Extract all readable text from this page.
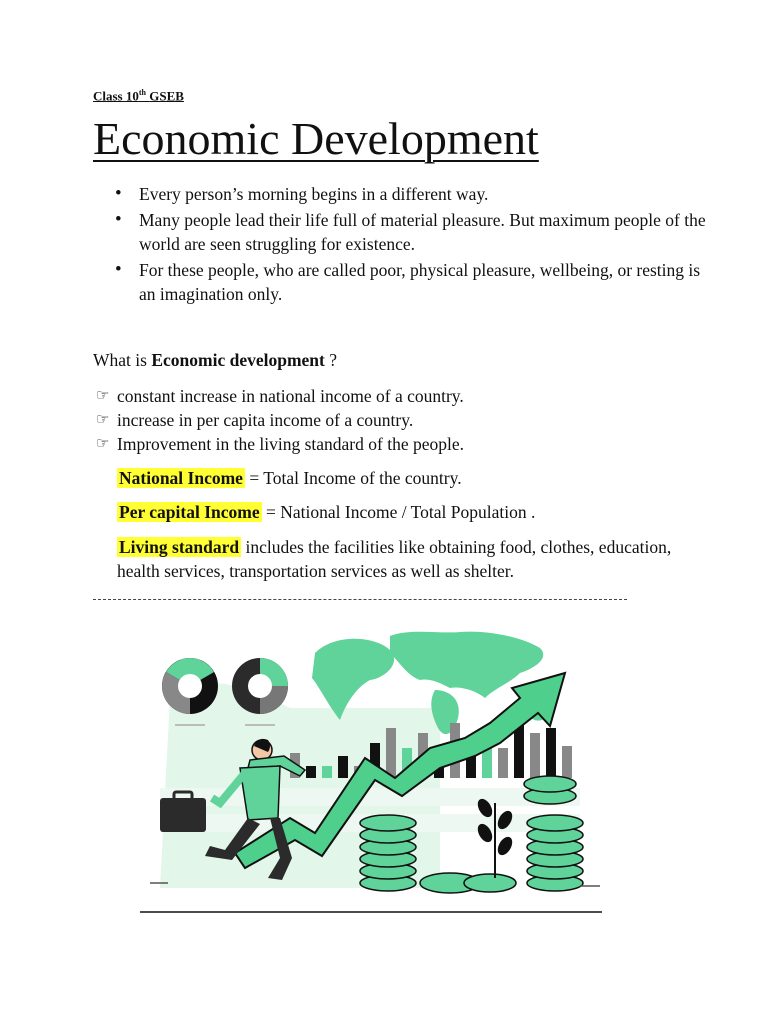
Class 10th GSEB
Economic Development
• Every person’s morning begins in a different way.
• Many people lead their life full of material pleasure. But maximum people of the world are seen struggling for existence.
• For these people, who are called poor, physical pleasure, wellbeing, or resting is an imagination only.
What is Economic development ?
☞ constant increase in national income of a country.
☞ increase in per capita income of a country.
☞ Improvement in the living standard of the people.
National Income = Total Income of the country.
Per capital Income = National Income / Total Population .
Living standard includes the facilities like obtaining food, clothes, education, health services, transportation services as well as shelter.
